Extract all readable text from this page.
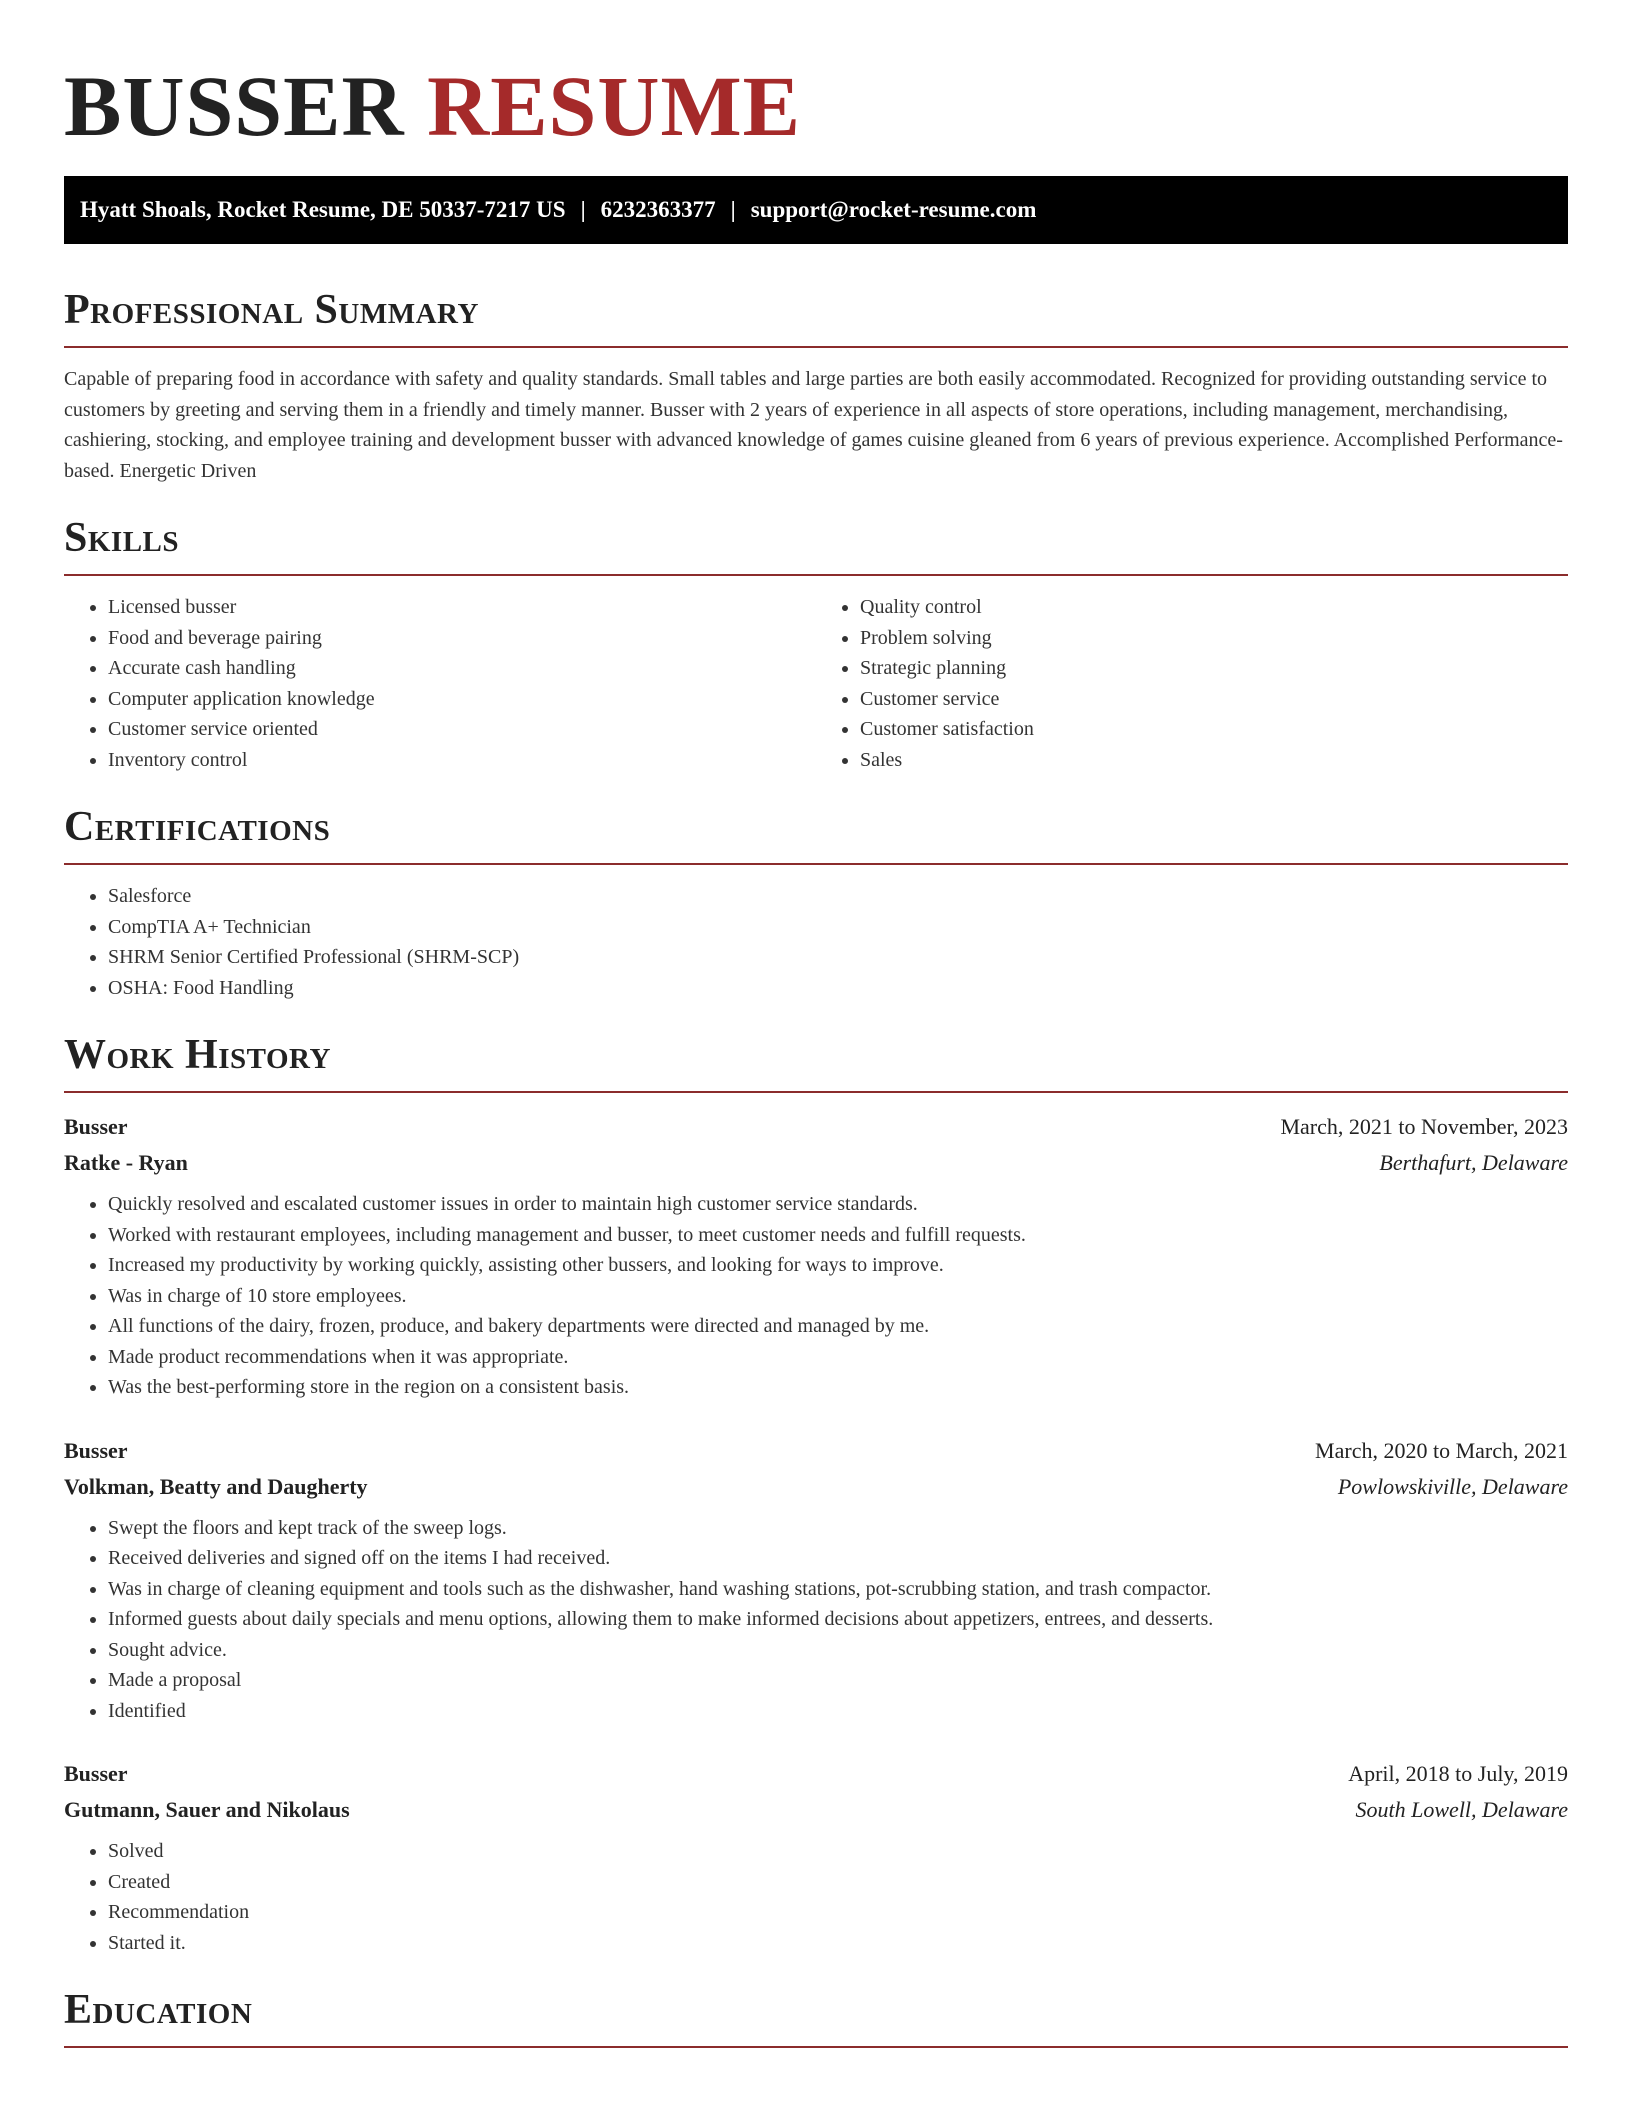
BUSSER RESUME
Hyatt Shoals, Rocket Resume, DE 50337-7217 US | 6232363377 | support@rocket-resume.com
Professional Summary

Capable of preparing food in accordance with safety and quality standards. Small tables and large parties are both easily accommodated. Recognized for providing outstanding service to customers by greeting and serving them in a friendly and timely manner. Busser with 2 years of experience in all aspects of store operations, including management, merchandising, cashiering, stocking, and employee training and development busser with advanced knowledge of games cuisine gleaned from 6 years of previous experience. Accomplished Performance-based. Energetic Driven

Skills
• Licensed busser
• Food and beverage pairing
• Accurate cash handling
• Computer application knowledge
• Customer service oriented
• Inventory control
• Quality control
• Problem solving
• Strategic planning
• Customer service
• Customer satisfaction
• Sales
Certifications
• Salesforce
• CompTIA A+ Technician
• SHRM Senior Certified Professional (SHRM-SCP)
• OSHA: Food Handling
Work History
Busser	March, 2021 to November, 2023
Ratke - Ryan	Berthafurt, Delaware
• Quickly resolved and escalated customer issues in order to maintain high customer service standards.
• Worked with restaurant employees, including management and busser, to meet customer needs and fulfill requests.
• Increased my productivity by working quickly, assisting other bussers, and looking for ways to improve.
• Was in charge of 10 store employees.
• All functions of the dairy, frozen, produce, and bakery departments were directed and managed by me.
• Made product recommendations when it was appropriate.
• Was the best-performing store in the region on a consistent basis.
Busser	March, 2020 to March, 2021
Volkman, Beatty and Daugherty	Powlowskiville, Delaware
• Swept the floors and kept track of the sweep logs.
• Received deliveries and signed off on the items I had received.
• Was in charge of cleaning equipment and tools such as the dishwasher, hand washing stations, pot-scrubbing station, and trash compactor.
• Informed guests about daily specials and menu options, allowing them to make informed decisions about appetizers, entrees, and desserts.
• Sought advice.
• Made a proposal
• Identified
Busser	April, 2018 to July, 2019
Gutmann, Sauer and Nikolaus	South Lowell, Delaware
• Solved
• Created
• Recommendation
• Started it.
Education
